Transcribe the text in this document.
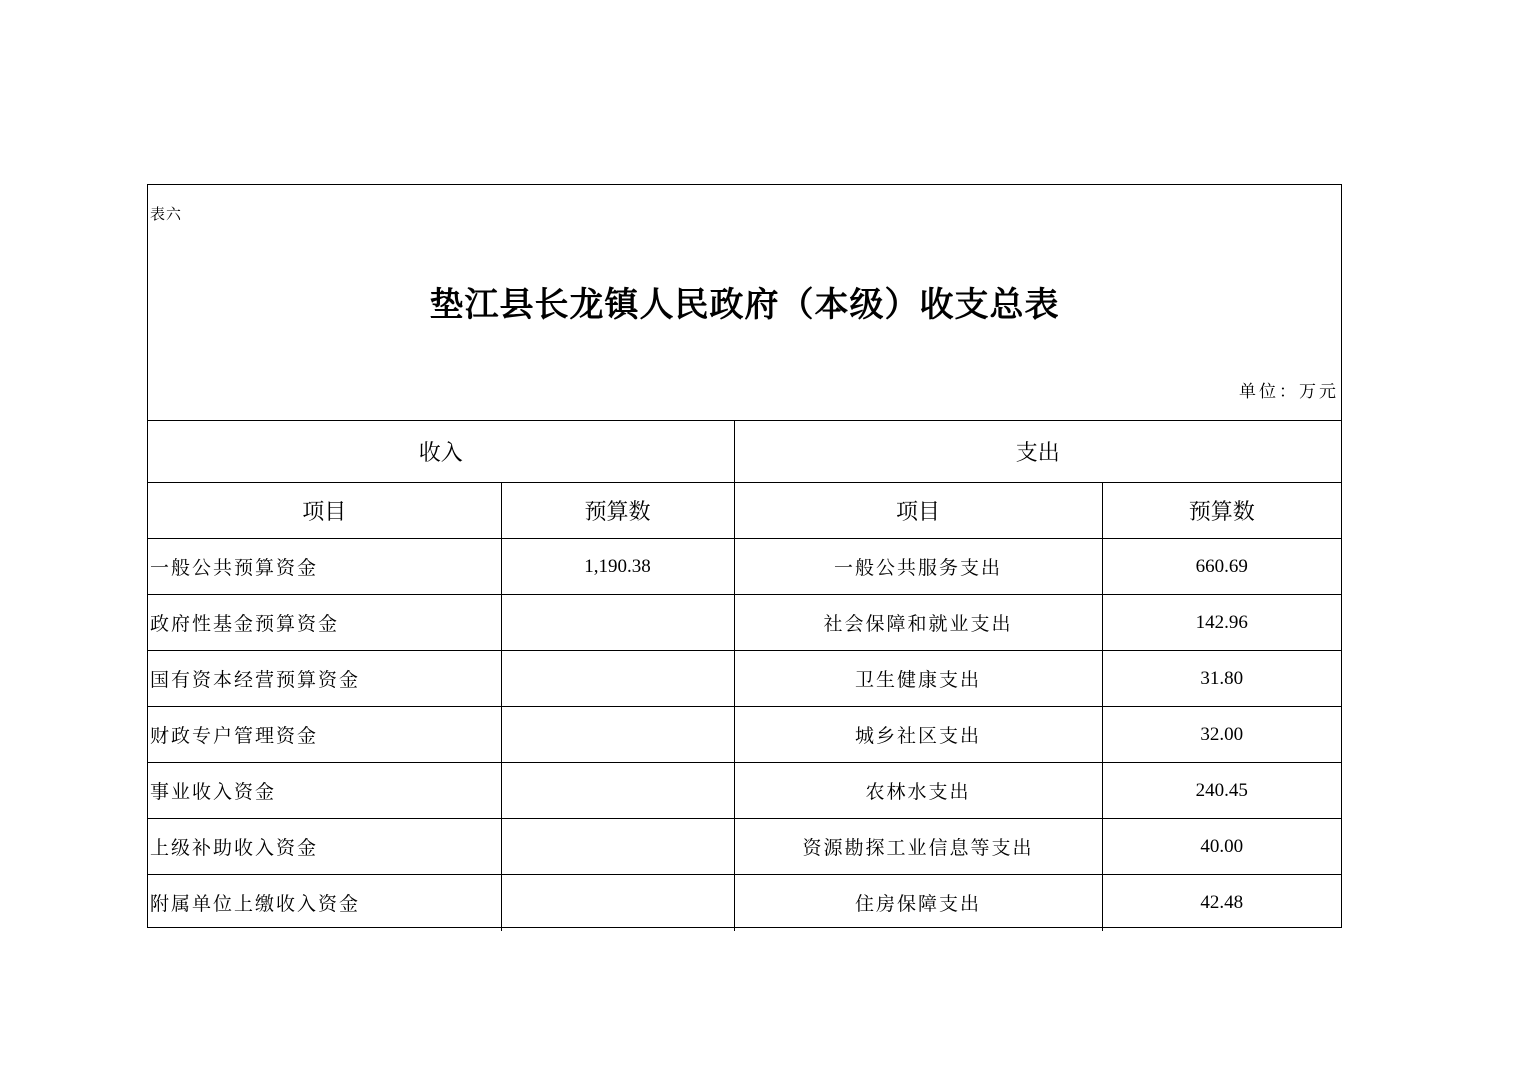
表六
垫江县长龙镇人民政府（本级）收支总表
单位：万元
收入		支出	
项目	预算数	项目	预算数
一般公共预算资金	1,190.38	一般公共服务支出	660.69
政府性基金预算资金		社会保障和就业支出	142.96
国有资本经营预算资金		卫生健康支出	31.80
财政专户管理资金		城乡社区支出	32.00
事业收入资金		农林水支出	240.45
上级补助收入资金		资源勘探工业信息等支出	40.00
附属单位上缴收入资金		住房保障支出	42.48
